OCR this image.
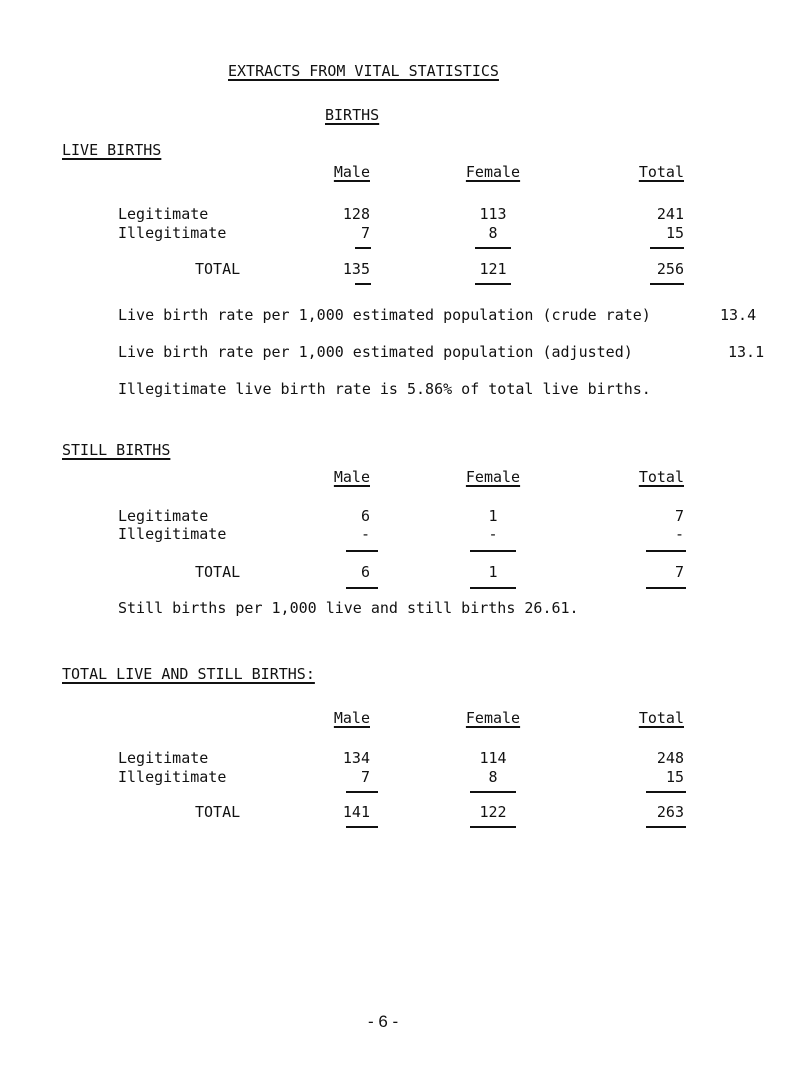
EXTRACTS FROM VITAL STATISTICS
BIRTHS
LIVE BIRTHS
Male	Female	Total
Legitimate	128	113	241
Illegitimate	7	8	15
TOTAL	135	121	256
Live birth rate per 1,000 estimated population (crude rate)	13.4
Live birth rate per 1,000 estimated population (adjusted)	13.1
Illegitimate live birth rate is 5.86% of total live births.
STILL BIRTHS
Male	Female	Total
Legitimate	6	1	7
Illegitimate	-	-	-
TOTAL	6	1	7
Still births per 1,000 live and still births 26.61.
TOTAL LIVE AND STILL BIRTHS:
Male	Female	Total
Legitimate	134	114	248
Illegitimate	7	8	15
TOTAL	141	122	263
- 6 -
